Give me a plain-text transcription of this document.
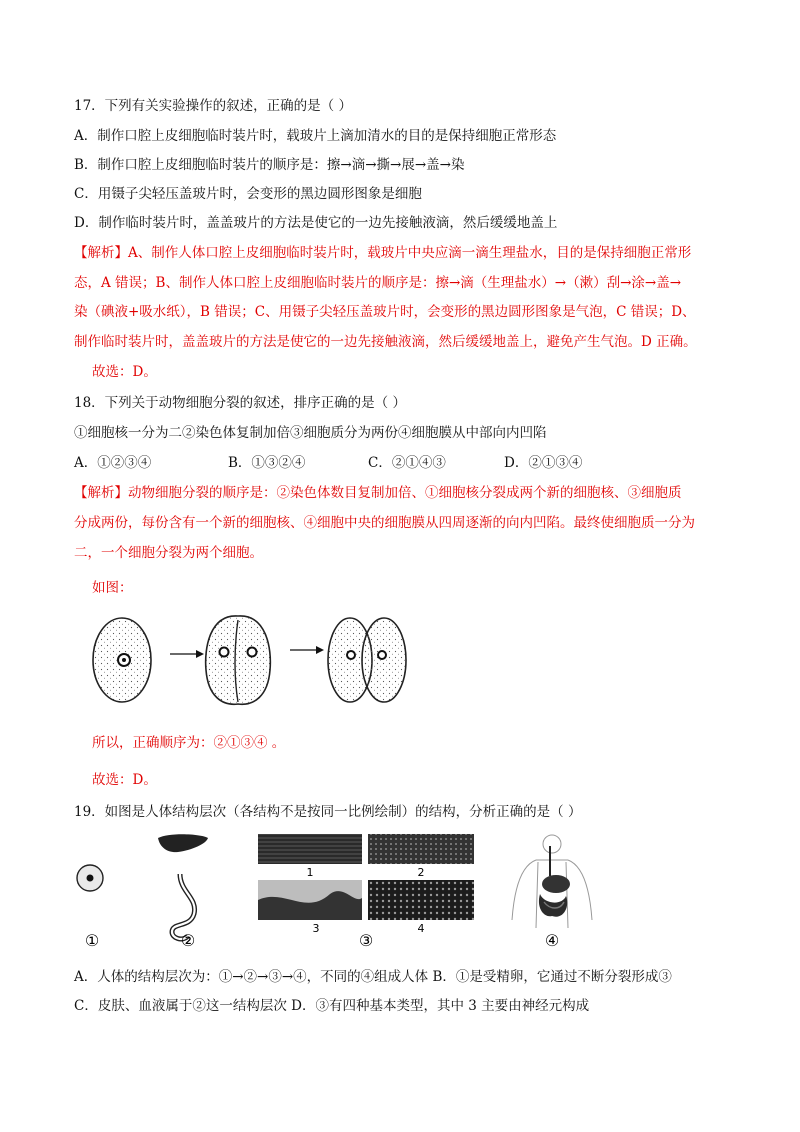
17．下列有关实验操作的叙述，正确的是（ ）
A．制作口腔上皮细胞临时装片时，载玻片上滴加清水的目的是保持细胞正常形态
B．制作口腔上皮细胞临时装片的顺序是：擦→滴→撕→展→盖→染
C．用镊子尖轻压盖玻片时，会变形的黑边圆形图象是细胞
D．制作临时装片时，盖盖玻片的方法是使它的一边先接触液滴，然后缓缓地盖上
【解析】A、制作人体口腔上皮细胞临时装片时，载玻片中央应滴一滴生理盐水，目的是保持细胞正常形
态，A 错误；B、制作人体口腔上皮细胞临时装片的顺序是：擦→滴（生理盐水）→（漱）刮→涂→盖→
染（碘液+吸水纸），B 错误；C、用镊子尖轻压盖玻片时，会变形的黑边圆形图象是气泡，C 错误；D、
制作临时装片时，盖盖玻片的方法是使它的一边先接触液滴，然后缓缓地盖上，避免产生气泡。D 正确。
故选：D。
18．下列关于动物细胞分裂的叙述，排序正确的是（ ）
①细胞核一分为二②染色体复制加倍③细胞质分为两份④细胞膜从中部向内凹陷
A．①②③④	B．①③②④	C．②①④③	D．②①③④
【解析】动物细胞分裂的顺序是：②染色体数目复制加倍、①细胞核分裂成两个新的细胞核、③细胞质
分成两份，每份含有一个新的细胞核、④细胞中央的细胞膜从四周逐渐的向内凹陷。最终使细胞质一分为
二，一个细胞分裂为两个细胞。
如图：
所以，正确顺序为：②①③④ 。
故选：D。
19．如图是人体结构层次（各结构不是按同一比例绘制）的结构，分析正确的是（ ）
1	2
3	4
①	②	③	④
A．人体的结构层次为：①→②→③→④，不同的④组成人体 B．①是受精卵，它通过不断分裂形成③
C．皮肤、血液属于②这一结构层次 D．③有四种基本类型，其中 3 主要由神经元构成
